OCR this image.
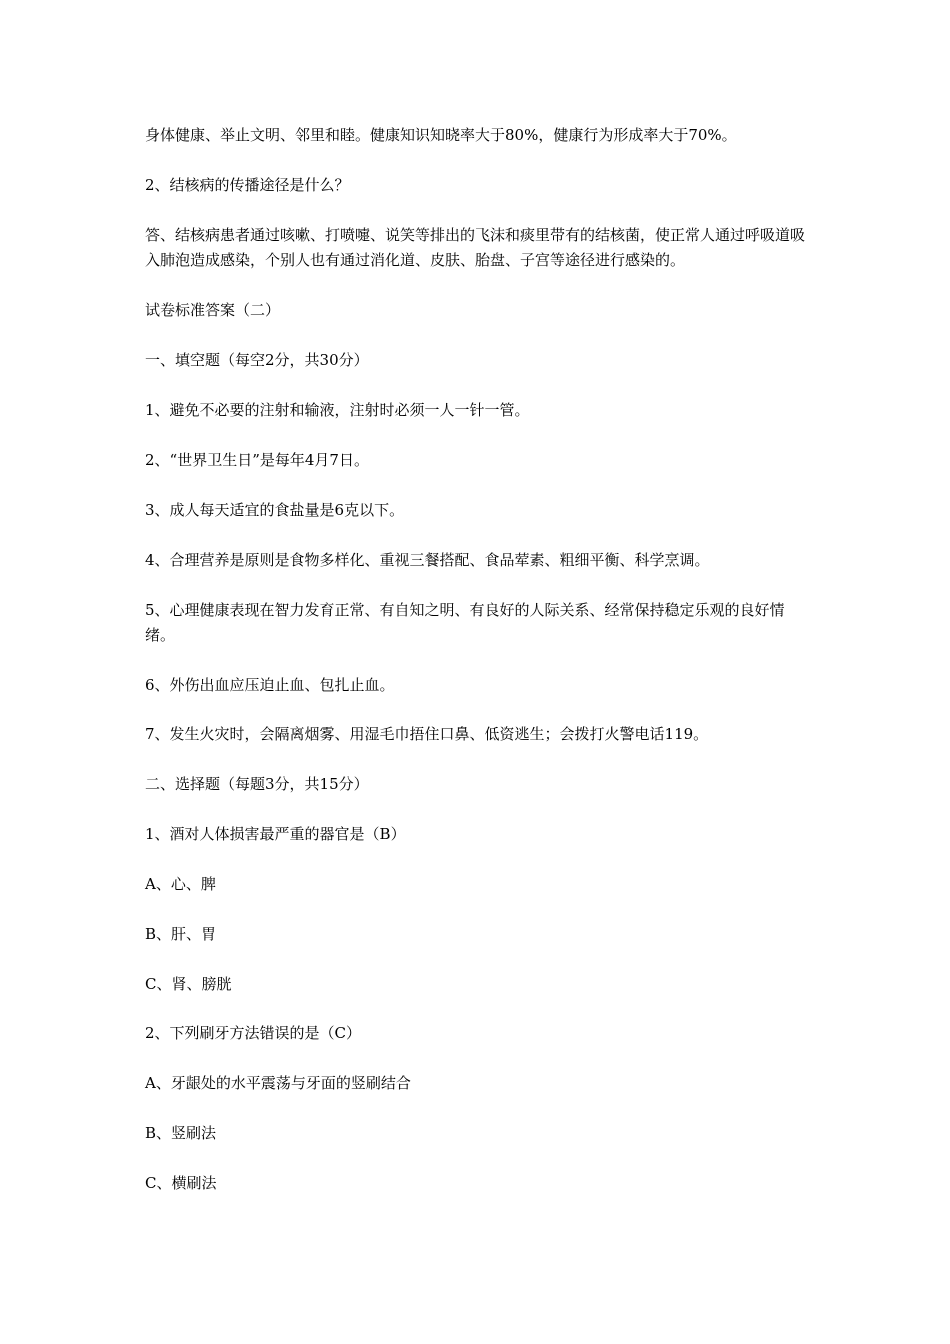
身体健康、举止文明、邻里和睦。健康知识知晓率大于80%，健康行为形成率大于70%。

2、结核病的传播途径是什么？

答、结核病患者通过咳嗽、打喷嚏、说笑等排出的飞沫和痰里带有的结核菌，使正常人通过呼吸道吸入肺泡造成感染，个别人也有通过消化道、皮肤、胎盘、子宫等途径进行感染的。

试卷标准答案（二）

一、填空题（每空2分，共30分）

1、避免不必要的注射和输液，注射时必须一人一针一管。

2、“世界卫生日”是每年4月7日。

3、成人每天适宜的食盐量是6克以下。

4、合理营养是原则是食物多样化、重视三餐搭配、食品荤素、粗细平衡、科学烹调。

5、心理健康表现在智力发育正常、有自知之明、有良好的人际关系、经常保持稳定乐观的良好情绪。

6、外伤出血应压迫止血、包扎止血。

7、发生火灾时，会隔离烟雾、用湿毛巾捂住口鼻、低资逃生；会拨打火警电话119。

二、选择题（每题3分，共15分）

1、酒对人体损害最严重的器官是（B）

A、心、脾

B、肝、胃

C、肾、膀胱

2、下列刷牙方法错误的是（C）

A、牙龈处的水平震荡与牙面的竖刷结合

B、竖刷法

C、横刷法
